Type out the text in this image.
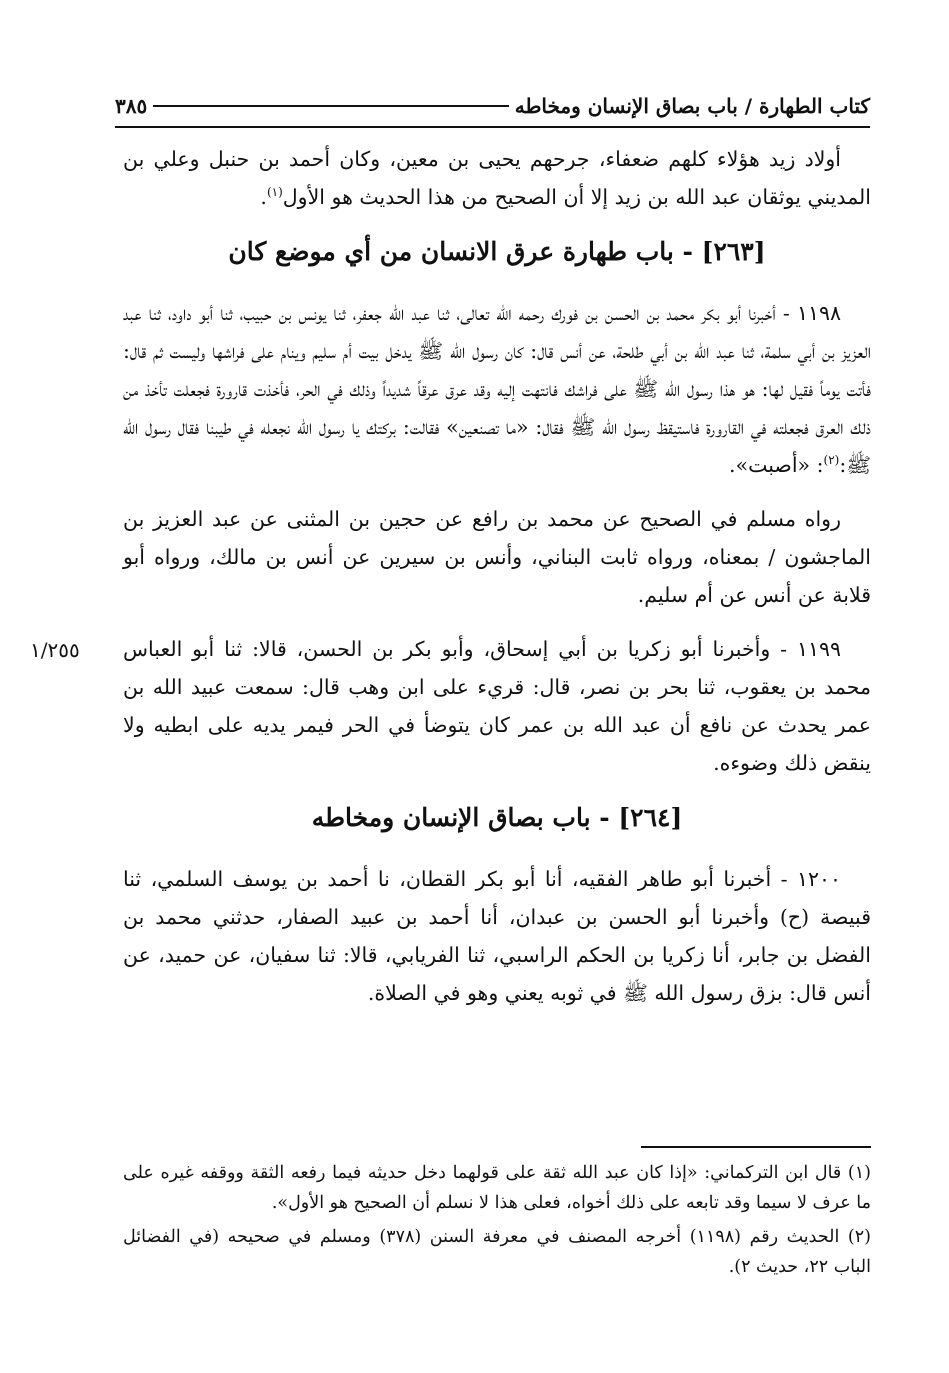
كتاب الطهارة / باب بصاق الإنسان ومخاطه
٣٨٥

أولاد زيد هؤلاء كلهم ضعفاء، جرحهم يحيى بن معين، وكان أحمد بن حنبل وعلي بن المديني يوثقان عبد الله بن زيد إلا أن الصحيح من هذا الحديث هو الأول$^{(١)}$.

[٢٦٣] - باب طهارة عرق الانسان من أي موضع كان

١١٩٨ - أخبرنا أبو بكر محمد بن الحسن بن فورك رحمه الله تعالى، ثنا عبد الله جعفر، ثنا يونس بن حبيب، ثنا أبو داود، ثنا عبد العزيز بن أبي سلمة، ثنا عبد الله بن أبي طلحة، عن أنس قال: كان رسول الله ﷺ يدخل بيت أم سليم وينام على فراشها وليست ثم قال: فأتت يوماً فقيل لها: هو هذا رسول الله ﷺ على فراشك فانتهت إليه وقد عرق عرقاً شديداً وذلك في الحر، فأخذت قارورة فجعلت تأخذ من ذلك العرق فجعلته في القارورة فاستيقظ رسول الله ﷺ فقال: «ما تصنعين» فقالت: بركتك يا رسول الله نجعله في طيبنا فقال رسول الله ﷺ:$^{(٢)}$: «أصبت».

رواه مسلم في الصحيح عن محمد بن رافع عن حجين بن المثنى عن عبد العزيز بن الماجشون / بمعناه، ورواه ثابت البناني، وأنس بن سيرين عن أنس بن مالك، ورواه أبو قلابة عن أنس عن أم سليم.

١١٩٩ - وأخبرنا أبو زكريا بن أبي إسحاق، وأبو بكر بن الحسن، قالا: ثنا أبو العباس محمد بن يعقوب، ثنا بحر بن نصر، قال: قريء على ابن وهب قال: سمعت عبيد الله بن عمر يحدث عن نافع أن عبد الله بن عمر كان يتوضأ في الحر فيمر يديه على ابطيه ولا ينقض ذلك وضوءه.

[٢٦٤] - باب بصاق الإنسان ومخاطه

١٢٠٠ - أخبرنا أبو طاهر الفقيه، أنا أبو بكر القطان، نا أحمد بن يوسف السلمي، ثنا قبيصة (ح) وأخبرنا أبو الحسن بن عبدان، أنا أحمد بن عبيد الصفار، حدثني محمد بن الفضل بن جابر، أنا زكريا بن الحكم الراسبي، ثنا الفريابي، قالا: ثنا سفيان، عن حميد، عن أنس قال: بزق رسول الله ﷺ في ثوبه يعني وهو في الصلاة.

١/٢٥٥

(١) قال ابن التركماني: «إذا كان عبد الله ثقة على قولهما دخل حديثه فيما رفعه الثقة ووقفه غيره على ما عرف لا سيما وقد تابعه على ذلك أخواه، فعلى هذا لا نسلم أن الصحيح هو الأول».

(٢) الحديث رقم (١١٩٨) أخرجه المصنف في معرفة السنن (٣٧٨) ومسلم في صحيحه (في الفضائل الباب ٢٢، حديث ٢).
